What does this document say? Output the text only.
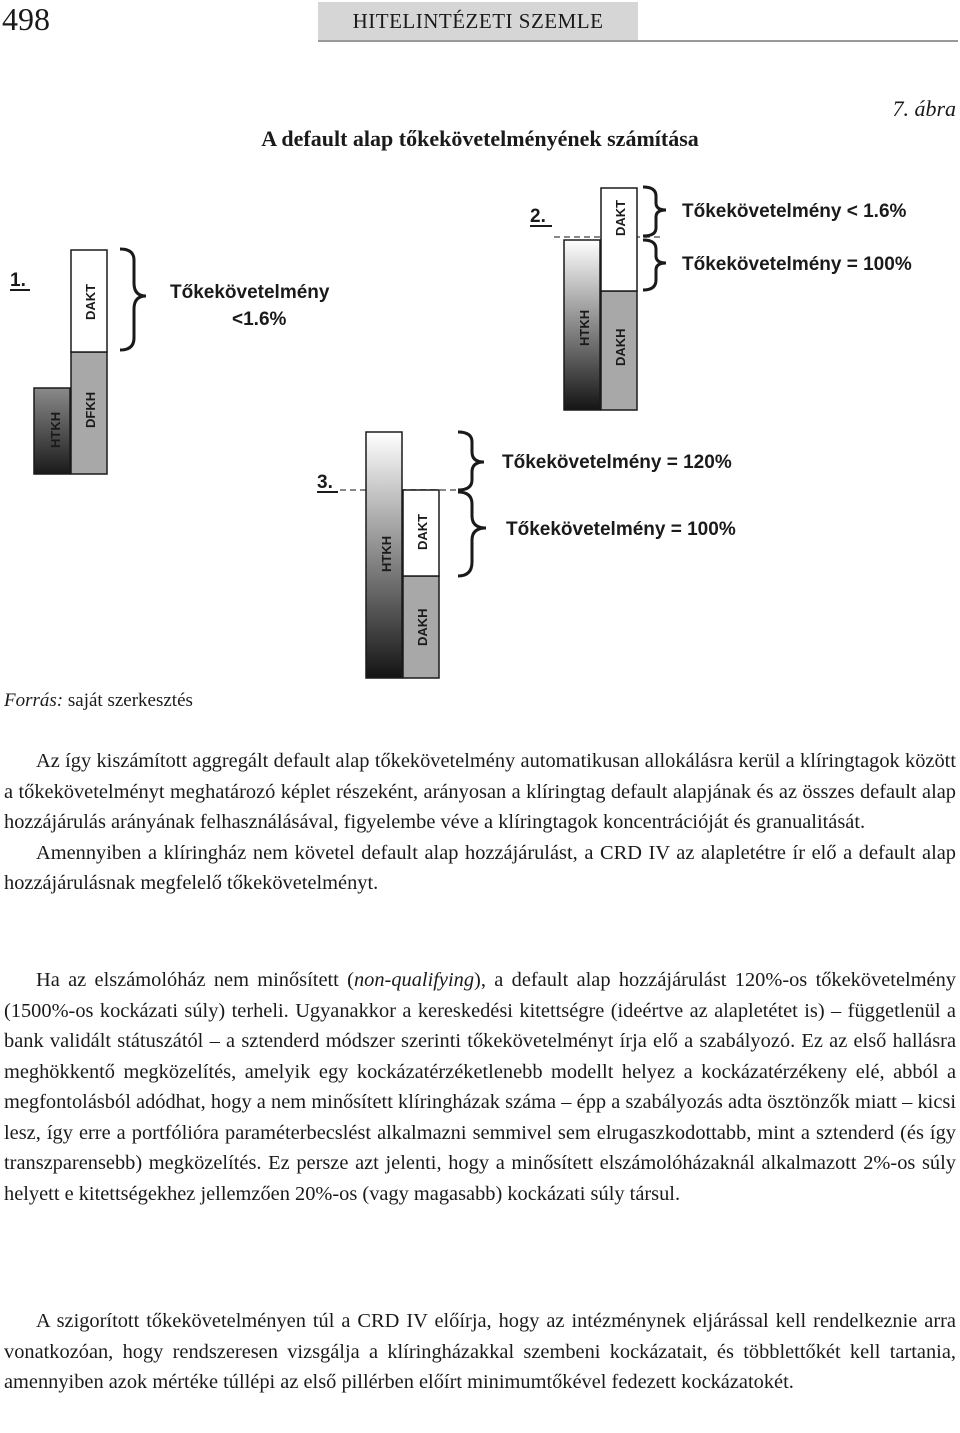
498	HITELINTÉZETI SZEMLE
7. ábra
A default alap tőkekövetelményének számítása
1.
HTKH
DFKH
DAKT	Tőkekövetelmény
<1.6%
2.
HTKH
DAKH
DAKT	Tőkekövetelmény < 1.6%
Tőkekövetelmény = 100%
3.
HTKH
DAKH
DAKT
Tőkekövetelmény = 120%
Tőkekövetelmény = 100%
Forrás: saját szerkesztés

Az így kiszámított aggregált default alap tőkekövetelmény automatikusan allokálásra kerül a klíringtagok között a tőkekövetelményt meghatározó képlet részeként, arányosan a klíringtag default alapjának és az összes default alap hozzájárulás arányának felhasználásával, figyelembe véve a klíringtagok koncentrációját és granualitását.

Amennyiben a klíringház nem követel default alap hozzájárulást, a CRD IV az alapletétre ír elő a default alap hozzájárulásnak megfelelő tőkekövetelményt.

Ha az elszámolóház nem minősített (non-qualifying), a default alap hozzájárulást 120%-os tőkekövetelmény (1500%-os kockázati súly) terheli. Ugyanakkor a kereskedési kitettségre (ideértve az alapletétet is) – függetlenül a bank validált státuszától – a sztenderd módszer szerinti tőkekövetelményt írja elő a szabályozó. Ez az első hallásra meghökkentő megközelítés, amelyik egy kockázatérzéketlenebb modellt helyez a kockázatérzékeny elé, abból a megfontolásból adódhat, hogy a nem minősített klíringházak száma – épp a szabályozás adta ösztönzők miatt – kicsi lesz, így erre a portfólióra paraméterbecslést alkalmazni semmivel sem elrugaszkodottabb, mint a sztenderd (és így transzparensebb) megközelítés. Ez persze azt jelenti, hogy a minősített elszámolóházaknál alkalmazott 2%-os súly helyett e kitettségekhez jellemzően 20%-os (vagy magasabb) kockázati súly társul.

A szigorított tőkekövetelményen túl a CRD IV előírja, hogy az intézménynek eljárással kell rendelkeznie arra vonatkozóan, hogy rendszeresen vizsgálja a klíringházakkal szembeni kockázatait, és többlettőkét kell tartania, amennyiben azok mértéke túllépi az első pillérben előírt minimumtőkével fedezett kockázatokét.
